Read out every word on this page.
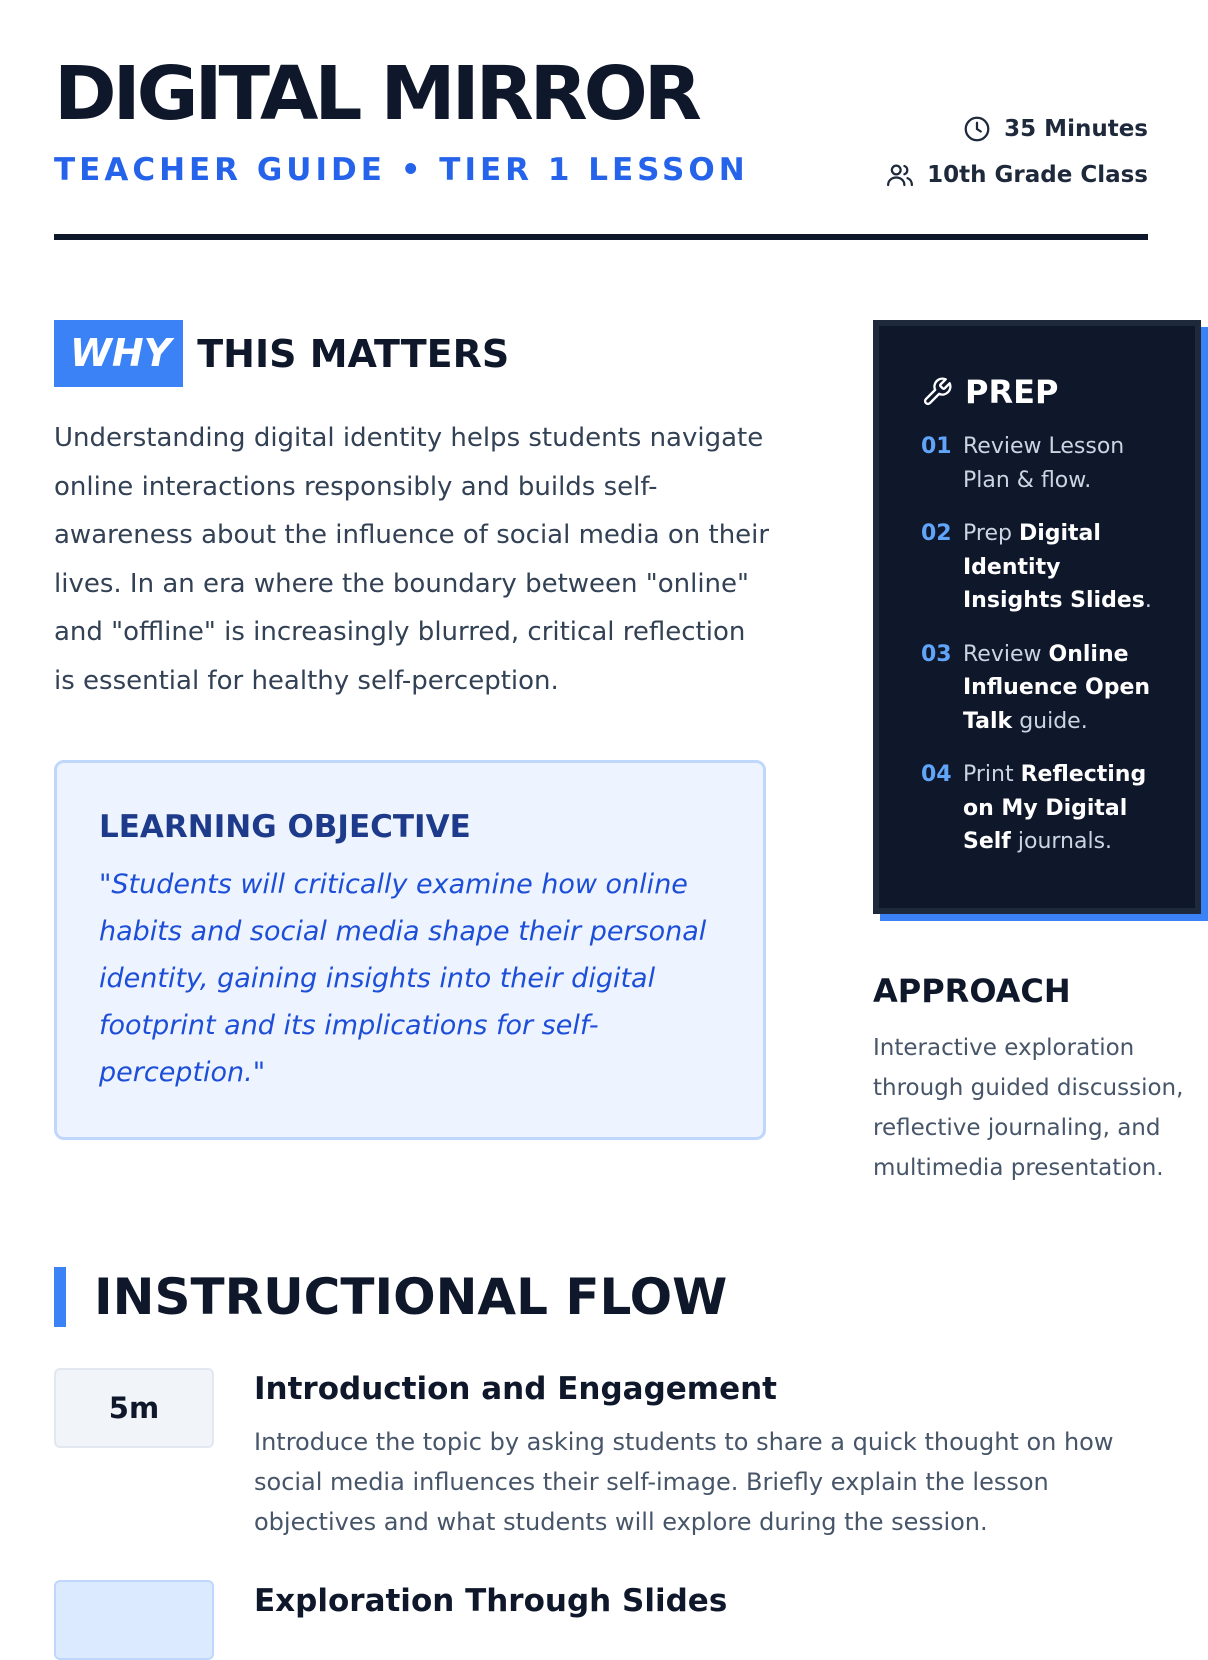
DIGITAL MIRROR
TEACHER GUIDE • TIER 1 LESSON
35 Minutes
10th Grade Class
WHY THIS MATTERS

Understanding digital identity helps students navigate online interactions responsibly and builds self-awareness about the influence of social media on their lives. In an era where the boundary between "online" and "offline" is increasingly blurred, critical reflection is essential for healthy self-perception.

LEARNING OBJECTIVE
"Students will critically examine how online habits and social media shape their personal identity, gaining insights into their digital footprint and its implications for self-perception."
PREP
01 Review Lesson Plan & flow.
02 Prep Digital Identity Insights Slides.
03 Review Online Influence Open Talk guide.
04 Print Reflecting on My Digital Self journals.
APPROACH

Interactive exploration through guided discussion, reflective journaling, and multimedia presentation.

INSTRUCTIONAL FLOW
5m
Introduction and Engagement

Introduce the topic by asking students to share a quick thought on how social media influences their self-image. Briefly explain the lesson objectives and what students will explore during the session.

Exploration Through Slides
